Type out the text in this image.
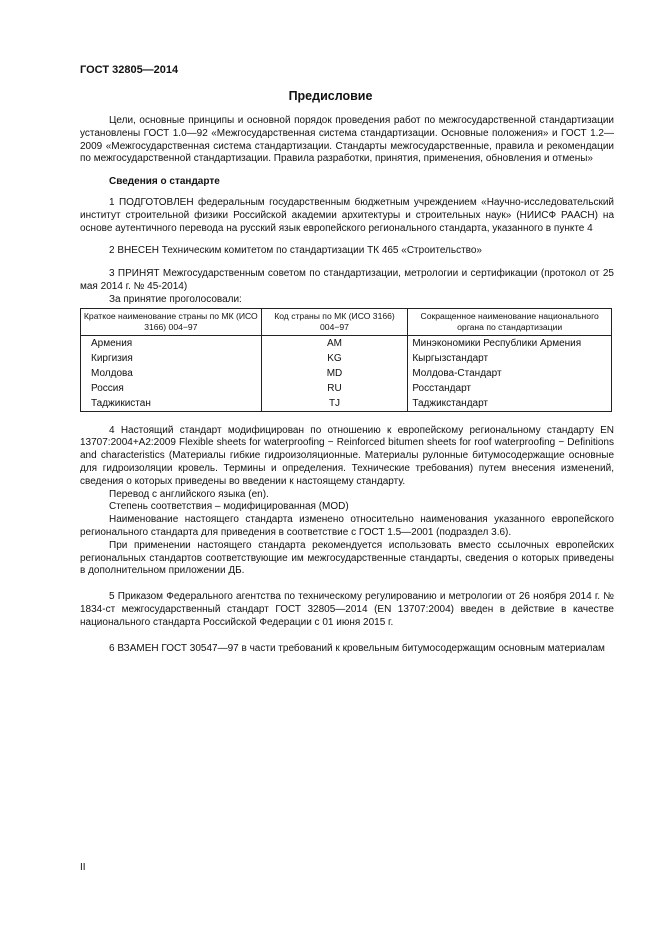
ГОСТ 32805—2014
Предисловие

Цели, основные принципы и основной порядок проведения работ по межгосударственной стандартизации установлены ГОСТ 1.0—92 «Межгосударственная система стандартизации. Основные положения» и ГОСТ 1.2—2009 «Межгосударственная система стандартизации. Стандарты межгосударственные, правила и рекомендации по межгосударственной стандартизации. Правила разработки, принятия, применения, обновления и отмены»

Сведения о стандарте

1 ПОДГОТОВЛЕН федеральным государственным бюджетным учреждением «Научно-исследовательский институт строительной физики Российской академии архитектуры и строительных наук» (НИИСФ РААСН) на основе аутентичного перевода на русский язык европейского регионального стандарта, указанного в пункте 4

2 ВНЕСЕН Техническим комитетом по стандартизации ТК 465 «Строительство»

3 ПРИНЯТ Межгосударственным советом по стандартизации, метрологии и сертификации (протокол от 25 мая 2014 г. № 45-2014)

За принятие проголосовали:

Краткое наименование страны по МК (ИСО 3166) 004−97	Код страны по МК (ИСО 3166) 004−97	Сокращенное наименование национального органа по стандартизации
Армения	AM	Минэкономики Республики Армения
Киргизия	KG	Кыргызстандарт
Молдова	MD	Молдова-Стандарт
Россия	RU	Росстандарт
Таджикистан	TJ	Таджикстандарт

4 Настоящий стандарт модифицирован по отношению к европейскому региональному стандарту EN 13707:2004+A2:2009 Flexible sheets for waterproofing − Reinforced bitumen sheets for roof waterproofing − Definitions and characteristics (Материалы гибкие гидроизоляционные. Материалы рулонные битумосодержащие основные для гидроизоляции кровель. Термины и определения. Технические требования) путем внесения изменений, сведения о которых приведены во введении к настоящему стандарту.

Перевод с английского языка (en).

Степень соответствия – модифицированная (MOD)

Наименование настоящего стандарта изменено относительно наименования указанного европейского регионального стандарта для приведения в соответствие с ГОСТ 1.5—2001 (подраздел 3.6).

При применении настоящего стандарта рекомендуется использовать вместо ссылочных европейских региональных стандартов соответствующие им межгосударственные стандарты, сведения о которых приведены в дополнительном приложении ДБ.

5 Приказом Федерального агентства по техническому регулированию и метрологии от 26 ноября 2014 г. № 1834-ст межгосударственный стандарт ГОСТ 32805—2014 (EN 13707:2004) введен в действие в качестве национального стандарта Российской Федерации с 01 июня 2015 г.

6 ВЗАМЕН ГОСТ 30547—97 в части требований к кровельным битумосодержащим основным материалам

II
